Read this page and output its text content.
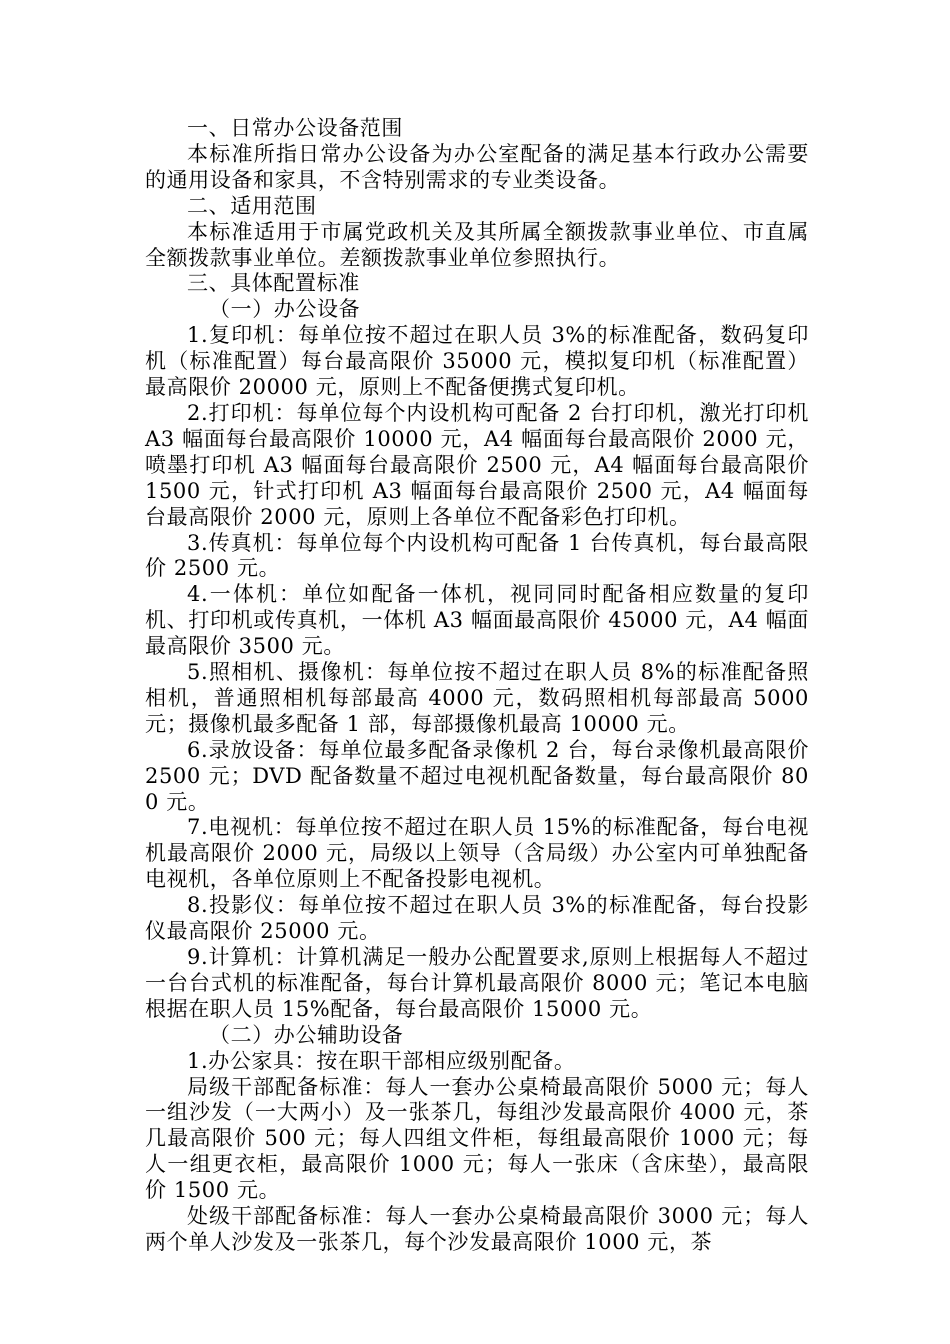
一、日常办公设备范围

本标准所指日常办公设备为办公室配备的满足基本行政办公需要的通用设备和家具，不含特别需求的专业类设备。

二、适用范围

本标准适用于市属党政机关及其所属全额拨款事业单位、市直属全额拨款事业单位。差额拨款事业单位参照执行。

三、具体配置标准

（一）办公设备

1.复印机：每单位按不超过在职人员 3%的标准配备，数码复印机（标准配置）每台最高限价 35000 元，模拟复印机（标准配置）最高限价 20000 元，原则上不配备便携式复印机。

2.打印机：每单位每个内设机构可配备 2 台打印机，激光打印机 A3 幅面每台最高限价 10000 元，A4 幅面每台最高限价 2000 元，喷墨打印机 A3 幅面每台最高限价 2500 元，A4 幅面每台最高限价 1500 元，针式打印机 A3 幅面每台最高限价 2500 元，A4 幅面每台最高限价 2000 元，原则上各单位不配备彩色打印机。

3.传真机：每单位每个内设机构可配备 1 台传真机，每台最高限价 2500 元。

4.一体机：单位如配备一体机，视同同时配备相应数量的复印机、打印机或传真机，一体机 A3 幅面最高限价 45000 元，A4 幅面最高限价 3500 元。

5.照相机、摄像机：每单位按不超过在职人员 8%的标准配备照相机，普通照相机每部最高 4000 元，数码照相机每部最高 5000 元；摄像机最多配备 1 部，每部摄像机最高 10000 元。

6.录放设备：每单位最多配备录像机 2 台，每台录像机最高限价 2500 元；DVD 配备数量不超过电视机配备数量，每台最高限价 800 元。

7.电视机：每单位按不超过在职人员 15%的标准配备，每台电视机最高限价 2000 元，局级以上领导（含局级）办公室内可单独配备电视机，各单位原则上不配备投影电视机。

8.投影仪：每单位按不超过在职人员 3%的标准配备，每台投影仪最高限价 25000 元。

9.计算机：计算机满足一般办公配置要求,原则上根据每人不超过一台台式机的标准配备，每台计算机最高限价 8000 元；笔记本电脑根据在职人员 15%配备，每台最高限价 15000 元。

（二）办公辅助设备

1.办公家具：按在职干部相应级别配备。

局级干部配备标准：每人一套办公桌椅最高限价 5000 元；每人一组沙发（一大两小）及一张茶几，每组沙发最高限价 4000 元，茶几最高限价 500 元；每人四组文件柜，每组最高限价 1000 元；每人一组更衣柜，最高限价 1000 元；每人一张床（含床垫），最高限价 1500 元。

处级干部配备标准：每人一套办公桌椅最高限价 3000 元；每人两个单人沙发及一张茶几，每个沙发最高限价 1000 元，茶
